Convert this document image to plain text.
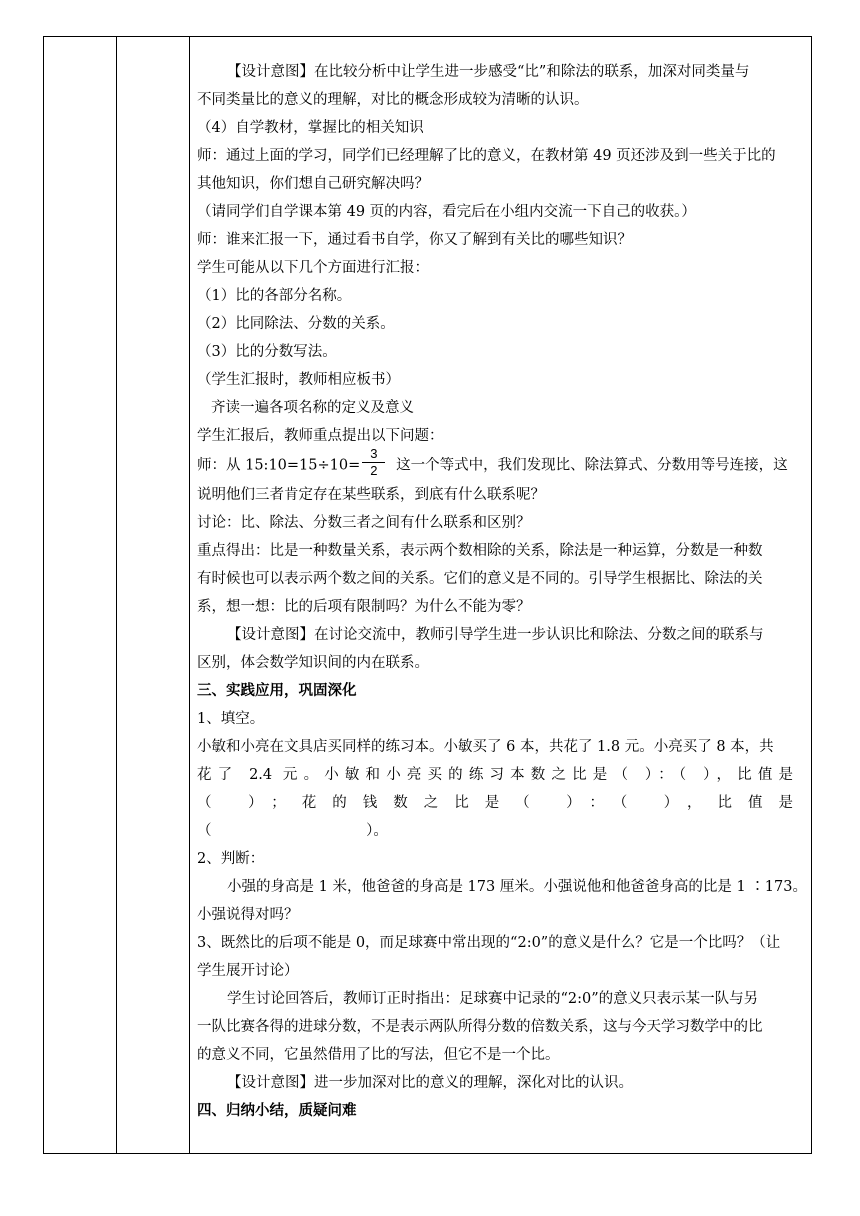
【设计意图】在比较分析中让学生进一步感受“比”和除法的联系，加深对同类量与

不同类量比的意义的理解，对比的概念形成较为清晰的认识。

（4）自学教材，掌握比的相关知识

师：通过上面的学习，同学们已经理解了比的意义，在教材第 49 页还涉及到一些关于比的

其他知识，你们想自己研究解决吗？

（请同学们自学课本第 49 页的内容，看完后在小组内交流一下自己的收获。）

师：谁来汇报一下，通过看书自学，你又了解到有关比的哪些知识？

学生可能从以下几个方面进行汇报：

（1）比的各部分名称。

（2）比同除法、分数的关系。

（3）比的分数写法。

（学生汇报时，教师相应板书）

齐读一遍各项名称的定义及意义

学生汇报后，教师重点提出以下问题：

师：从 15:10=15÷10= $\frac{3}{2}$ 这一个等式中，我们发现比、除法算式、分数用等号连接，这

说明他们三者肯定存在某些联系，到底有什么联系呢？

讨论：比、除法、分数三者之间有什么联系和区别？

重点得出：比是一种数量关系，表示两个数相除的关系，除法是一种运算，分数是一种数

有时候也可以表示两个数之间的关系。它们的意义是不同的。引导学生根据比、除法的关

系，想一想：比的后项有限制吗？为什么不能为零？

【设计意图】在讨论交流中，教师引导学生进一步认识比和除法、分数之间的联系与

区别，体会数学知识间的内在联系。

三、实践应用，巩固深化

1、填空。

小敏和小亮在文具店买同样的练习本。小敏买了 6 本，共花了 1.8 元。小亮买了 8 本，共

花了 2.4 元。小敏和小亮买的练习本数之比是（ ）：（ ），比值是

（ ）；花的钱数之比是（ ）：（ ），比值是

（ ）。

2、判断：

小强的身高是 1 米，他爸爸的身高是 173 厘米。小强说他和他爸爸身高的比是 1 ∶173。

小强说得对吗？

3、既然比的后项不能是 0，而足球赛中常出现的“2:0”的意义是什么？它是一个比吗？（让

学生展开讨论）

学生讨论回答后，教师订正时指出：足球赛中记录的“2:0”的意义只表示某一队与另

一队比赛各得的进球分数，不是表示两队所得分数的倍数关系，这与今天学习数学中的比

的意义不同，它虽然借用了比的写法，但它不是一个比。

【设计意图】进一步加深对比的意义的理解，深化对比的认识。

四、归纳小结，质疑问难
